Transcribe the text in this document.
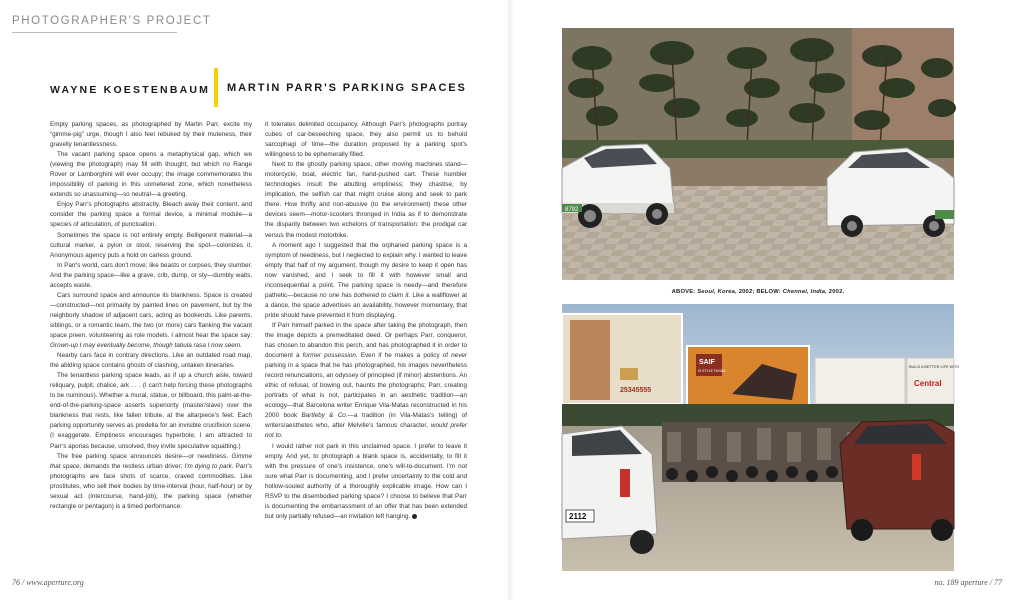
PHOTOGRAPHER'S PROJECT
WAYNE KOESTENBAUM MARTIN PARR'S PARKING SPACES

Empty parking spaces, as photographed by Martin Parr, excite my “gimme-pig” urge, though I also feel rebuked by their muteness, their gravelly tenantlessness.

The vacant parking space opens a metaphysical gap, which we (viewing the photograph) may fill with thought, but which no Range Rover or Lamborghini will ever occupy; the image commemorates the impossibility of parking in this unmetered zone, which nonetheless extends so unassuming—so neutral—a greeting.

Enjoy Parr's photographs abstractly. Bleach away their content, and consider the parking space a formal device, a minimal module—a species of articulation, of punctuation.

Sometimes the space is not entirely empty. Belligerent material—a cultural marker, a pylon or stool, reserving the spot—colonizes it. Anonymous agency puts a hold on carless ground.

In Parr's world, cars don't move; like beasts or corpses, they slumber. And the parking space—like a grave, crib, dump, or sty—dumbly waits, accepts waste.

Cars surround space and announce its blankness. Space is created—constructed—not primarily by painted lines on pavement, but by the neighborly shadow of adjacent cars, acting as bookends. Like parents, siblings, or a romantic team, the two (or more) cars flanking the vacant space preen, volunteering as role models. I almost hear the space say: Grown-up I may eventually become, though tabula rasa I now seem.

Nearby cars face in contrary directions. Like an outdated road map, the abiding space contains ghosts of clashing, untaken itineraries.

The tenantless parking space leads, as if up a church aisle, toward reliquary, pulpit, chalice, ark . . . (I can't help forcing these photographs to be numinous). Whether a mural, statue, or billboard, this palm-at-the-end-of-the-parking-space asserts superiority (master/slave) over the blankness that rests, like fallen tribute, at the altarpiece's feet. Each parking opportunity serves as predella for an invisible crucifixion scene. (I exaggerate. Emptiness encourages hyperbole; I am attracted to Parr's aporias because, unsolved, they invite speculative squatting.)

The free parking space announces desire—or neediness. Gimme that space, demands the restless urban driver; I'm dying to park. Parr's photographs are face shots of scarce, craved commodities. Like prostitutes, who sell their bodies by time-interval (hour, half-hour) or by sexual act (intercourse, hand-job), the parking space (whether rectangle or pentagon) is a timed performance:

it tolerates delimited occupancy. Although Parr's photographs portray cubes of car-beseeching space, they also permit us to behold sarcophagi of time—the duration proposed by a parking spot's willingness to be ephemerally filled.

Next to the ghostly parking space, other moving machines stand—motorcycle, boat, electric fan, hand-pushed cart. These humbler technologies insult the abutting emptiness; they chastise, by implication, the selfish car that might cruise along and seek to park there. How thrifty and non-abusive (to the environment) these other devices seem—motor-scooters thronged in India as if to demonstrate the disparity between two echelons of transportation: the prodigal car versus the modest motorbike.

A moment ago I suggested that the orphaned parking space is a symptom of neediness, but I neglected to explain why. I wanted to leave empty that half of my argument, though my desire to keep it open has now vanished, and I seek to fill it with however small and inconsequential a point. The parking space is needy—and therefore pathetic—because no one has bothered to claim it. Like a wallflower at a dance, the space advertises an availability, however momentary, that pride should have prevented it from displaying.

If Parr himself parked in the space after taking the photograph, then the image depicts a premeditated deed. Or perhaps Parr, conqueror, has chosen to abandon this perch, and has photographed it in order to document a former possession. Even if he makes a policy of never parking in a space that he has photographed, his images nevertheless record renunciations, an odyssey of principled (if minor) abstentions. An ethic of refusal, of bowing out, haunts the photographs; Parr, creating portraits of what is not, participates in an aesthetic tradition—an ecology—that Barcelona writer Enrique Vila-Matas reconstructed in his 2000 book Bartleby & Co.—a tradition (in Vila-Matas's telling) of writers/aesthetes who, after Melville's famous character, would prefer not to.

I would rather not park in this unclaimed space. I prefer to leave it empty. And yet, to photograph a blank space is, accidentally, to fill it with the pressure of one's insistence, one's will-to-document. I'm not sure what Parr is documenting, and I prefer uncertainty to the cold and hollow-souled authority of a thoroughly explicable image. How can I RSVP to the disembodied parking space? I choose to believe that Parr is documenting the embarrassment of an offer that has been extended but only partially refused—an invitation left hanging.

8792
ABOVE: Seoul, Korea, 2002; BELOW: Chennai, India, 2002.
25345555
SAIF
IS STYLE FUNDA
BUILD A BETTER LIFE WITH
Central
2112
76 / www.aperture.org	no. 189 aperture / 77
